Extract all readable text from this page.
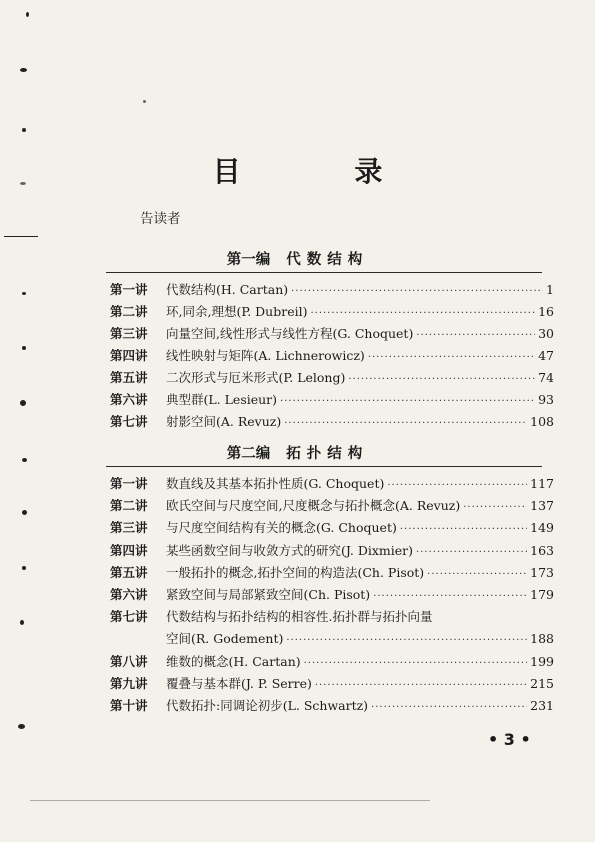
目 录
告读者
第一编 代数结构
第一讲	代数结构(H. Cartan) ·····	1
第二讲	环,同余,理想(P. Dubreil) ·····	16
第三讲	向量空间,线性形式与线性方程(G. Choquet) ·····	30
第四讲	线性映射与矩阵(A. Lichnerowicz) ·····	47
第五讲	二次形式与厄米形式(P. Lelong) ·····	74
第六讲	典型群(L. Lesieur) ·····	93
第七讲	射影空间(A. Revuz) ·····	108
第二编 拓扑结构
第一讲	数直线及其基本拓扑性质(G. Choquet) ·····	117
第二讲	欧氏空间与尺度空间,尺度概念与拓扑概念(A. Revuz) ·····	137
第三讲	与尺度空间结构有关的概念(G. Choquet) ·····	149
第四讲	某些函数空间与收敛方式的研究(J. Dixmier) ·····	163
第五讲	一般拓扑的概念,拓扑空间的构造法(Ch. Pisot) ·····	173
第六讲	紧致空间与局部紧致空间(Ch. Pisot) ·····	179
第七讲	代数结构与拓扑结构的相容性.拓扑群与拓扑向量
空间(R. Godement) ·····	188
第八讲	维数的概念(H. Cartan) ·····	199
第九讲	覆叠与基本群(J. P. Serre) ·····	215
第十讲	代数拓扑:同调论初步(L. Schwartz) ·····	231
• 3 •
